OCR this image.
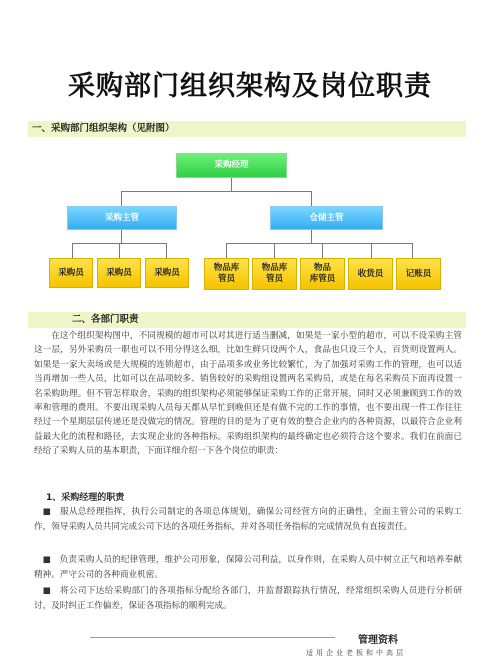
采购部门组织架构及岗位职责
一、采购部门组织架构（见附图）
采购经理
采购主管	仓储主管
采购员	采购员	采购员	物品库
管员
物品库
管员
物品
库管员
收货员	记账员
二、各部门职责
在这个组织架构图中，不同规模的超市可以对其进行适当删减，如果是一家小型的超市，可以不设采购主管这一层，另外采购员一职也可以不用分得这么细，比如生鲜只设两个人，食品也只设三个人，百货则设置两人。如果是一家大卖场或是大规模的连锁超市，由于品项多或业务比较繁忙，为了加强对采购工作的管理，也可以适当再增加一些人员，比如可以在品项较多、销售较好的采购组设置两名采购员，或是在每名采购员下面再设置一名采购助理。但不管怎样取舍，采购的组织架构必须能够保证采购工作的正常开展，同时又必须兼顾到工作的效率和管理的费用。不要出现采购人员每天都从早忙到晚但还是有做不完的工作的事情，也不要出现一件工作往往经过一个星期层层传递还是没做完的情况。管理的目的是为了更有效的整合企业内的各种资源，以最符合企业利益最大化的流程和路径，去实现企业的各种指标。采购组织架构的最终确定也必须符合这个要求。我们在前面已经给了采购人员的基本职责，下面详细介绍一下各个岗位的职责：
1、采购经理的职责
■　服从总经理指挥，执行公司制定的各项总体规划，确保公司经营方向的正确性，全面主管公司的采购工作，领导采购人员共同完成公司下达的各项任务指标，并对各项任务指标的完成情况负有直接责任。
■　负责采购人员的纪律管理，维护公司形象，保障公司利益，以身作则，在采购人员中树立正气和培养奉献精神。严守公司的各种商业机密。
■　将公司下达给采购部门的各项指标分配给各部门，并监督跟踪执行情况，经常组织采购人员进行分析研讨，及时纠正工作偏差，保证各项指标的顺利完成。
管理资料
适用企业老板和中高层
